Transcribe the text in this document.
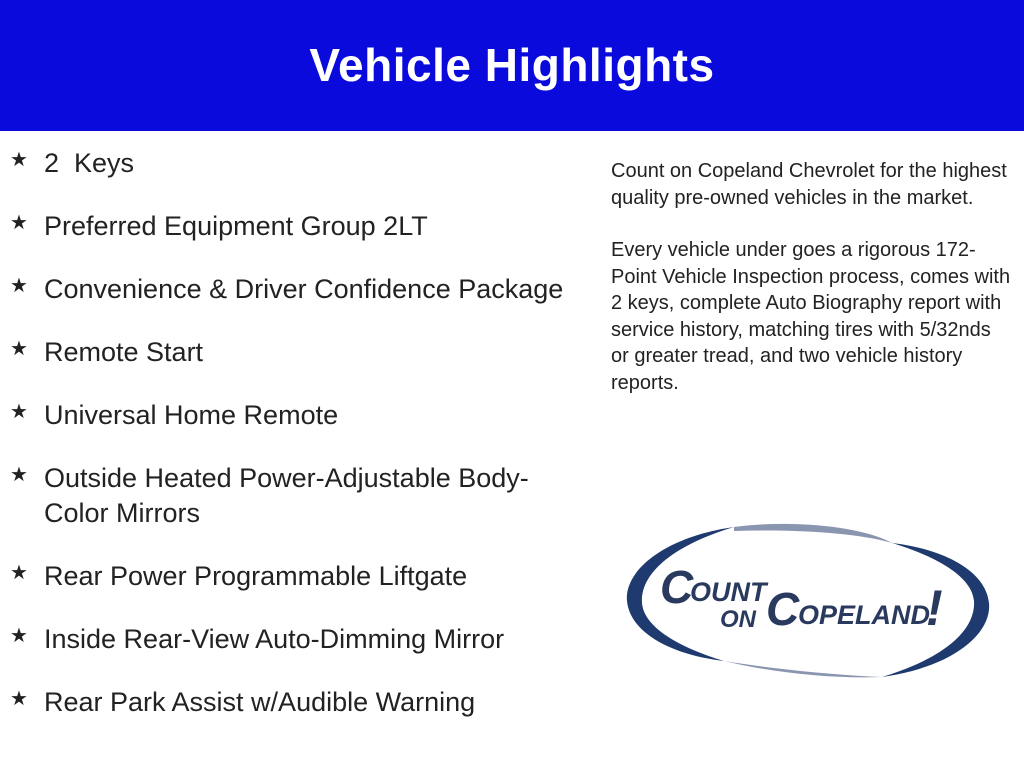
Vehicle Highlights
★ 2  Keys
★ Preferred Equipment Group 2LT
★ Convenience & Driver Confidence Package
★ Remote Start
★ Universal Home Remote
★ Outside Heated Power-Adjustable Body-Color Mirrors
★ Rear Power Programmable Liftgate
★ Inside Rear-View Auto-Dimming Mirror
★ Rear Park Assist w/Audible Warning

Count on Copeland Chevrolet for the highest quality pre-owned vehicles in the market.

Every vehicle under goes a rigorous 172-Point Vehicle Inspection process, comes with 2 keys, complete Auto Biography report with service history, matching tires with 5/32nds or greater tread, and two vehicle history reports.

C
OUNT
ON C
OPELAND
!
